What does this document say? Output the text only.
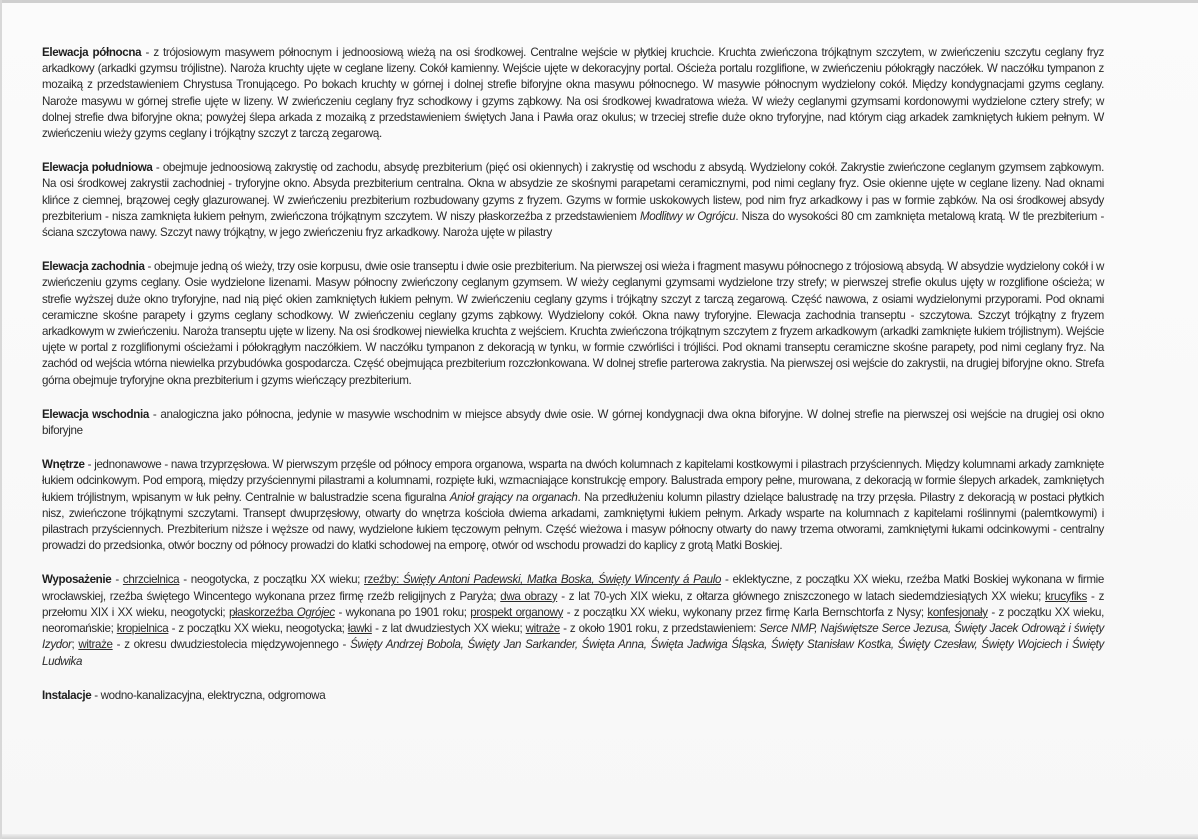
Elewacja północna - z trójosiowym masywem północnym i jednoosiową wieżą na osi środkowej. Centralne wejście w płytkiej kruchcie. Kruchta zwieńczona trójkątnym szczytem, w zwieńczeniu szczytu ceglany fryz arkadkowy (arkadki gzymsu trójlistne). Naroża kruchty ujęte w ceglane lizeny. Cokół kamienny. Wejście ujęte w dekoracyjny portal. Ościeża portalu rozglifione, w zwieńczeniu półokrągły naczółek. W naczółku tympanon z mozaiką z przedstawieniem Chrystusa Tronującego. Po bokach kruchty w górnej i dolnej strefie biforyjne okna masywu północnego. W masywie północnym wydzielony cokół. Między kondygnacjami gzyms ceglany. Naroże masywu w górnej strefie ujęte w lizeny. W zwieńczeniu ceglany fryz schodkowy i gzyms ząbkowy. Na osi środkowej kwadratowa wieża. W wieży ceglanymi gzymsami kordonowymi wydzielone cztery strefy; w dolnej strefie dwa biforyjne okna; powyżej ślepa arkada z mozaiką z przedstawieniem świętych Jana i Pawła oraz okulus; w trzeciej strefie duże okno tryforyjne, nad którym ciąg arkadek zamkniętych łukiem pełnym. W zwieńczeniu wieży gzyms ceglany i trójkątny szczyt z tarczą zegarową.

Elewacja południowa - obejmuje jednoosiową zakrystię od zachodu, absydę prezbiterium (pięć osi okiennych) i zakrystię od wschodu z absydą. Wydzielony cokół. Zakrystie zwieńczone ceglanym gzymsem ząbkowym. Na osi środkowej zakrystii zachodniej - tryforyjne okno. Absyda prezbiterium centralna. Okna w absydzie ze skośnymi parapetami ceramicznymi, pod nimi ceglany fryz. Osie okienne ujęte w ceglane lizeny. Nad oknami klińce z ciemnej, brązowej cegły glazurowanej. W zwieńczeniu prezbiterium rozbudowany gzyms z fryzem. Gzyms w formie uskokowych listew, pod nim fryz arkadkowy i pas w formie ząbków. Na osi środkowej absydy prezbiterium - nisza zamknięta łukiem pełnym, zwieńczona trójkątnym szczytem. W niszy płaskorzeźba z przedstawieniem Modlitwy w Ogrójcu. Nisza do wysokości 80 cm zamknięta metalową kratą. W tle prezbiterium - ściana szczytowa nawy. Szczyt nawy trójkątny, w jego zwieńczeniu fryz arkadkowy. Naroża ujęte w pilastry

Elewacja zachodnia - obejmuje jedną oś wieży, trzy osie korpusu, dwie osie transeptu i dwie osie prezbiterium. Na pierwszej osi wieża i fragment masywu północnego z trójosiową absydą. W absydzie wydzielony cokół i w zwieńczeniu gzyms ceglany. Osie wydzielone lizenami. Masyw północny zwieńczony ceglanym gzymsem. W wieży ceglanymi gzymsami wydzielone trzy strefy; w pierwszej strefie okulus ujęty w rozglifione ościeża; w strefie wyższej duże okno tryforyjne, nad nią pięć okien zamkniętych łukiem pełnym. W zwieńczeniu ceglany gzyms i trójkątny szczyt z tarczą zegarową. Część nawowa, z osiami wydzielonymi przyporami. Pod oknami ceramiczne skośne parapety i gzyms ceglany schodkowy. W zwieńczeniu ceglany gzyms ząbkowy. Wydzielony cokół. Okna nawy tryforyjne. Elewacja zachodnia transeptu - szczytowa. Szczyt trójkątny z fryzem arkadkowym w zwieńczeniu. Naroża transeptu ujęte w lizeny. Na osi środkowej niewielka kruchta z wejściem. Kruchta zwieńczona trójkątnym szczytem z fryzem arkadkowym (arkadki zamknięte łukiem trójlistnym). Wejście ujęte w portal z rozglifionymi ościeżami i półokrągłym naczółkiem. W naczółku tympanon z dekoracją w tynku, w formie czwórliści i trójliści. Pod oknami transeptu ceramiczne skośne parapety, pod nimi ceglany fryz. Na zachód od wejścia wtórna niewielka przybudówka gospodarcza. Część obejmująca prezbiterium rozczłonkowana. W dolnej strefie parterowa zakrystia. Na pierwszej osi wejście do zakrystii, na drugiej biforyjne okno. Strefa górna obejmuje tryforyjne okna prezbiterium i gzyms wieńczący prezbiterium.

Elewacja wschodnia - analogiczna jako północna, jedynie w masywie wschodnim w miejsce absydy dwie osie. W górnej kondygnacji dwa okna biforyjne. W dolnej strefie na pierwszej osi wejście na drugiej osi okno biforyjne

Wnętrze - jednonawowe - nawa trzyprzęsłowa. W pierwszym przęśle od północy empora organowa, wsparta na dwóch kolumnach z kapitelami kostkowymi i pilastrach przyściennych. Między kolumnami arkady zamknięte łukiem odcinkowym. Pod emporą, między przyściennymi pilastrami a kolumnami, rozpięte łuki, wzmacniające konstrukcję empory. Balustrada empory pełne, murowana, z dekoracją w formie ślepych arkadek, zamkniętych łukiem trójlistnym, wpisanym w łuk pełny. Centralnie w balustradzie scena figuralna Anioł grający na organach. Na przedłużeniu kolumn pilastry dzielące balustradę na trzy przęsła. Pilastry z dekoracją w postaci płytkich nisz, zwieńczone trójkątnymi szczytami. Transept dwuprzęsłowy, otwarty do wnętrza kościoła dwiema arkadami, zamkniętymi łukiem pełnym. Arkady wsparte na kolumnach z kapitelami roślinnymi (palemtkowymi) i pilastrach przyściennych. Prezbiterium niższe i węższe od nawy, wydzielone łukiem tęczowym pełnym. Część wieżowa i masyw północny otwarty do nawy trzema otworami, zamkniętymi łukami odcinkowymi - centralny prowadzi do przedsionka, otwór boczny od północy prowadzi do klatki schodowej na emporę, otwór od wschodu prowadzi do kaplicy z grotą Matki Boskiej.

Wyposażenie - chrzcielnica - neogotycka, z początku XX wieku; rzeźby: Święty Antoni Padewski, Matka Boska, Święty Wincenty á Paulo - eklektyczne, z początku XX wieku, rzeźba Matki Boskiej wykonana w firmie wrocławskiej, rzeźba świętego Wincentego wykonana przez firmę rzeźb religijnych z Paryża; dwa obrazy - z lat 70-ych XIX wieku, z ołtarza głównego zniszczonego w latach siedemdziesiątych XX wieku; krucyfiks - z przełomu XIX i XX wieku, neogotycki; płaskorzeźba Ogrójec - wykonana po 1901 roku; prospekt organowy - z początku XX wieku, wykonany przez firmę Karla Bernschtorfa z Nysy; konfesjonały - z początku XX wieku, neoromańskie; kropielnica - z początku XX wieku, neogotycka; ławki - z lat dwudziestych XX wieku; witraże - z około 1901 roku, z przedstawieniem: Serce NMP, Najświętsze Serce Jezusa, Święty Jacek Odrowąż i święty Izydor; witraże - z okresu dwudziestolecia międzywojennego - Święty Andrzej Bobola, Święty Jan Sarkander, Święta Anna, Święta Jadwiga Śląska, Święty Stanisław Kostka, Święty Czesław, Święty Wojciech i Święty Ludwika

Instalacje - wodno-kanalizacyjna, elektryczna, odgromowa
